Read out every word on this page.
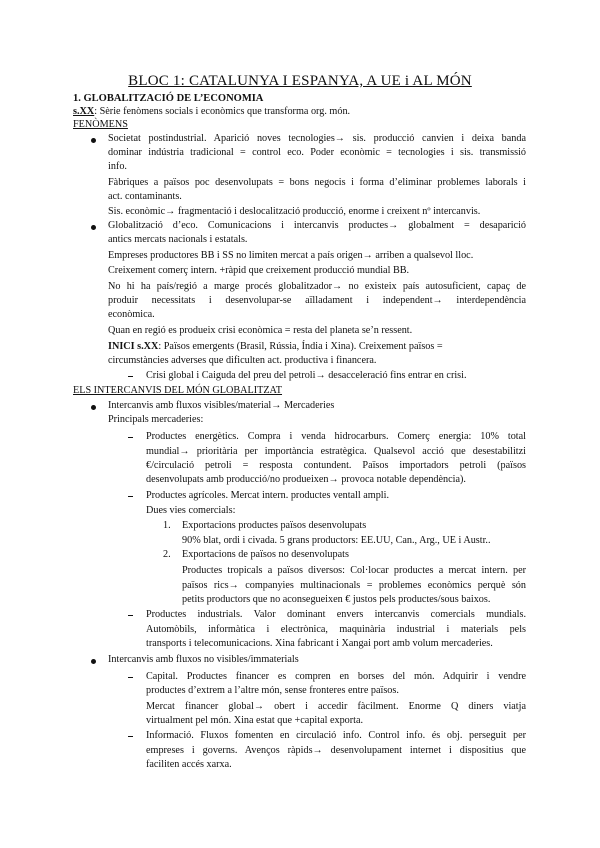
BLOC 1: CATALUNYA I ESPANYA, A UE i AL MÓN
1. GLOBALITZACIÓ DE L’ECONOMIA
s.XX: Sèrie fenòmens socials i econòmics que transforma org. món.
FENÒMENS
Societat postindustrial. Aparició noves tecnologies→ sis. producció canvien i deixa banda
dominar indústria tradicional = control eco. Poder econòmic = tecnologies i sis. transmissió
info.
Fàbriques a països poc desenvolupats = bons negocis i forma d’eliminar problemes laborals i
act. contaminants.
Sis. econòmic→ fragmentació i deslocalització producció, enorme i creixent nº intercanvis.
Globalització d’eco. Comunicacions i intercanvis productes→ globalment = desaparició
antics mercats nacionals i estatals.
Empreses productores BB i SS no limiten mercat a país origen→ arriben a qualsevol lloc.
Creixement comerç intern. +ràpid que creixement producció mundial BB.
No hi ha país/regió a marge procés globalitzador→ no existeix país autosuficient, capaç de
produir necessitats i desenvolupar-se aïlladament i independent→ interdependència
econòmica.
Quan en regió es produeix crisi econòmica = resta del planeta se’n ressent.
INICI s.XX: Països emergents (Brasil, Rússia, Índia i Xina). Creixement països =
circumstàncies adverses que dificulten act. productiva i financera.
Crisi global i Caiguda del preu del petroli→ desacceleració fins entrar en crisi.
ELS INTERCANVIS DEL MÓN GLOBALITZAT
Intercanvis amb fluxos visibles/material→ Mercaderies
Principals mercaderies:
Productes energètics. Compra i venda hidrocarburs. Comerç energia: 10% total
mundial→ prioritària per importància estratègica. Qualsevol acció que desestabilitzi
€/circulació petroli = resposta contundent. Països importadors petroli (països
desenvolupats amb producció/no produeixen→ provoca notable dependència).
Productes agrícoles. Mercat intern. productes ventall ampli.
Dues vies comercials:
1. Exportacions productes països desenvolupats
90% blat, ordi i civada. 5 grans productors: EE.UU, Can., Arg., UE i Austr..
2. Exportacions de països no desenvolupats
Productes tropicals a països diversos: Col·locar productes a mercat intern. per
països rics→ companyies multinacionals = problemes econòmics perquè són
petits productors que no aconsegueixen € justos pels productes/sous baixos.
Productes industrials. Valor dominant envers intercanvis comercials mundials.
Automòbils, informàtica i electrònica, maquinària industrial i materials pels
transports i telecomunicacions. Xina fabricant i Xangai port amb volum mercaderies.
Intercanvis amb fluxos no visibles/immaterials
Capital. Productes financer es compren en borses del món. Adquirir i vendre
productes d’extrem a l’altre món, sense fronteres entre països.
Mercat financer global→ obert i accedir fàcilment. Enorme Q diners viatja
virtualment pel món. Xina estat que +capital exporta.
Informació. Fluxos fomenten en circulació info. Control info. és obj. perseguit per
empreses i governs. Avenços ràpids→ desenvolupament internet i dispositius que
faciliten accés xarxa.
